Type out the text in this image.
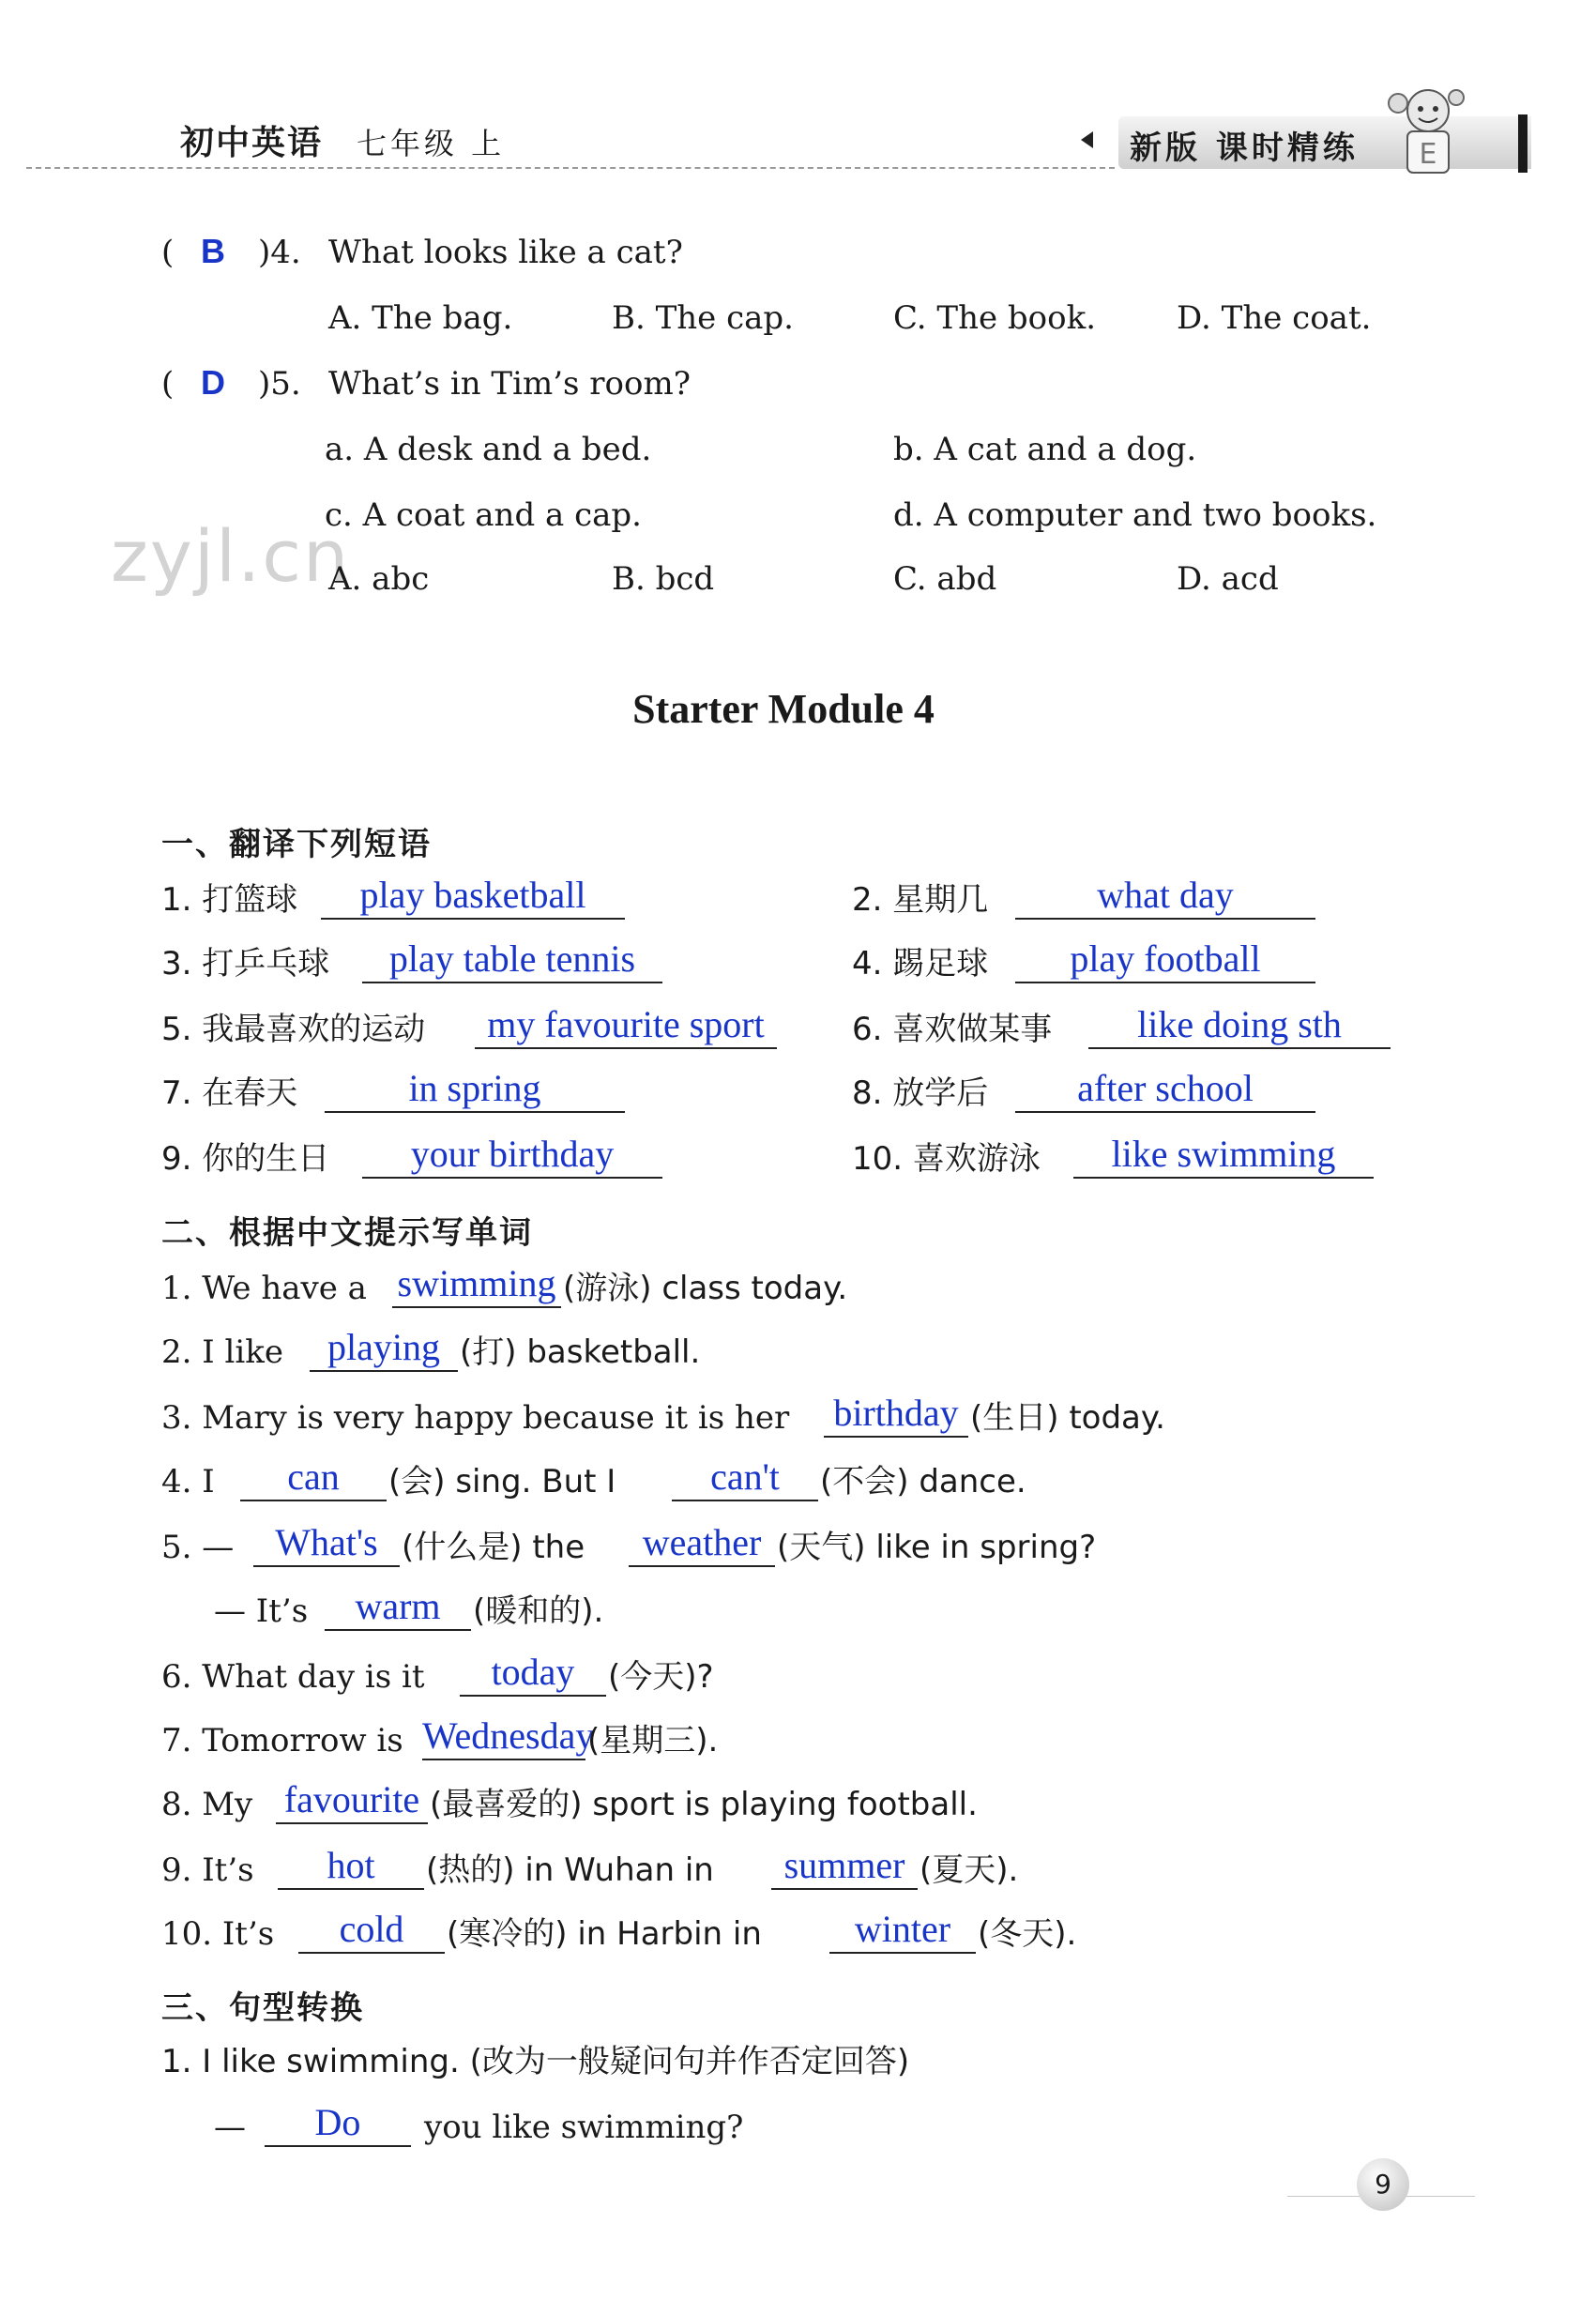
初中英语 七年级 上	新版 课时精练 E
zyjl.cn
( B )4. What looks like a cat?
A. The bag.	B. The cap.	C. The book.	D. The coat.
( D )5. What’s in Tim’s room?
a. A desk and a bed.	b. A cat and a dog.
c. A coat and a cap.	d. A computer and two books.
A. abc	B. bcd	C. abd	D. acd
Starter Module 4
一、翻译下列短语
1. 打篮球	play basketball	2. 星期几	what day
3. 打乒乓球	play table tennis	4. 踢足球	play football
5. 我最喜欢的运动	my favourite sport	6. 喜欢做某事	like doing sth
7. 在春天	in spring	8. 放学后	after school
9. 你的生日	your birthday	10. 喜欢游泳	like swimming
二、根据中文提示写单词
1. We have a swimming (游泳) class today.
2. I like	playing (打) basketball.
3. Mary is very happy because it is her birthday (生日) today.
4. I	can	(会) sing. But I	can't	(不会) dance.
5. —	What's (什么是) the	weather (天气) like in spring?
— It’s	warm	(暖和的).
6. What day is it	today	(今天)?
7. Tomorrow is Wednesday
(星期三).
8. My favourite (最喜爱的) sport is playing football.
9. It’s	hot	(热的) in Wuhan in	summer (夏天).
10. It’s	cold	(寒冷的) in Harbin in	winter (冬天).
三、句型转换
1. I like swimming. (改为一般疑问句并作否定回答)
—	Do	you like swimming?
9
